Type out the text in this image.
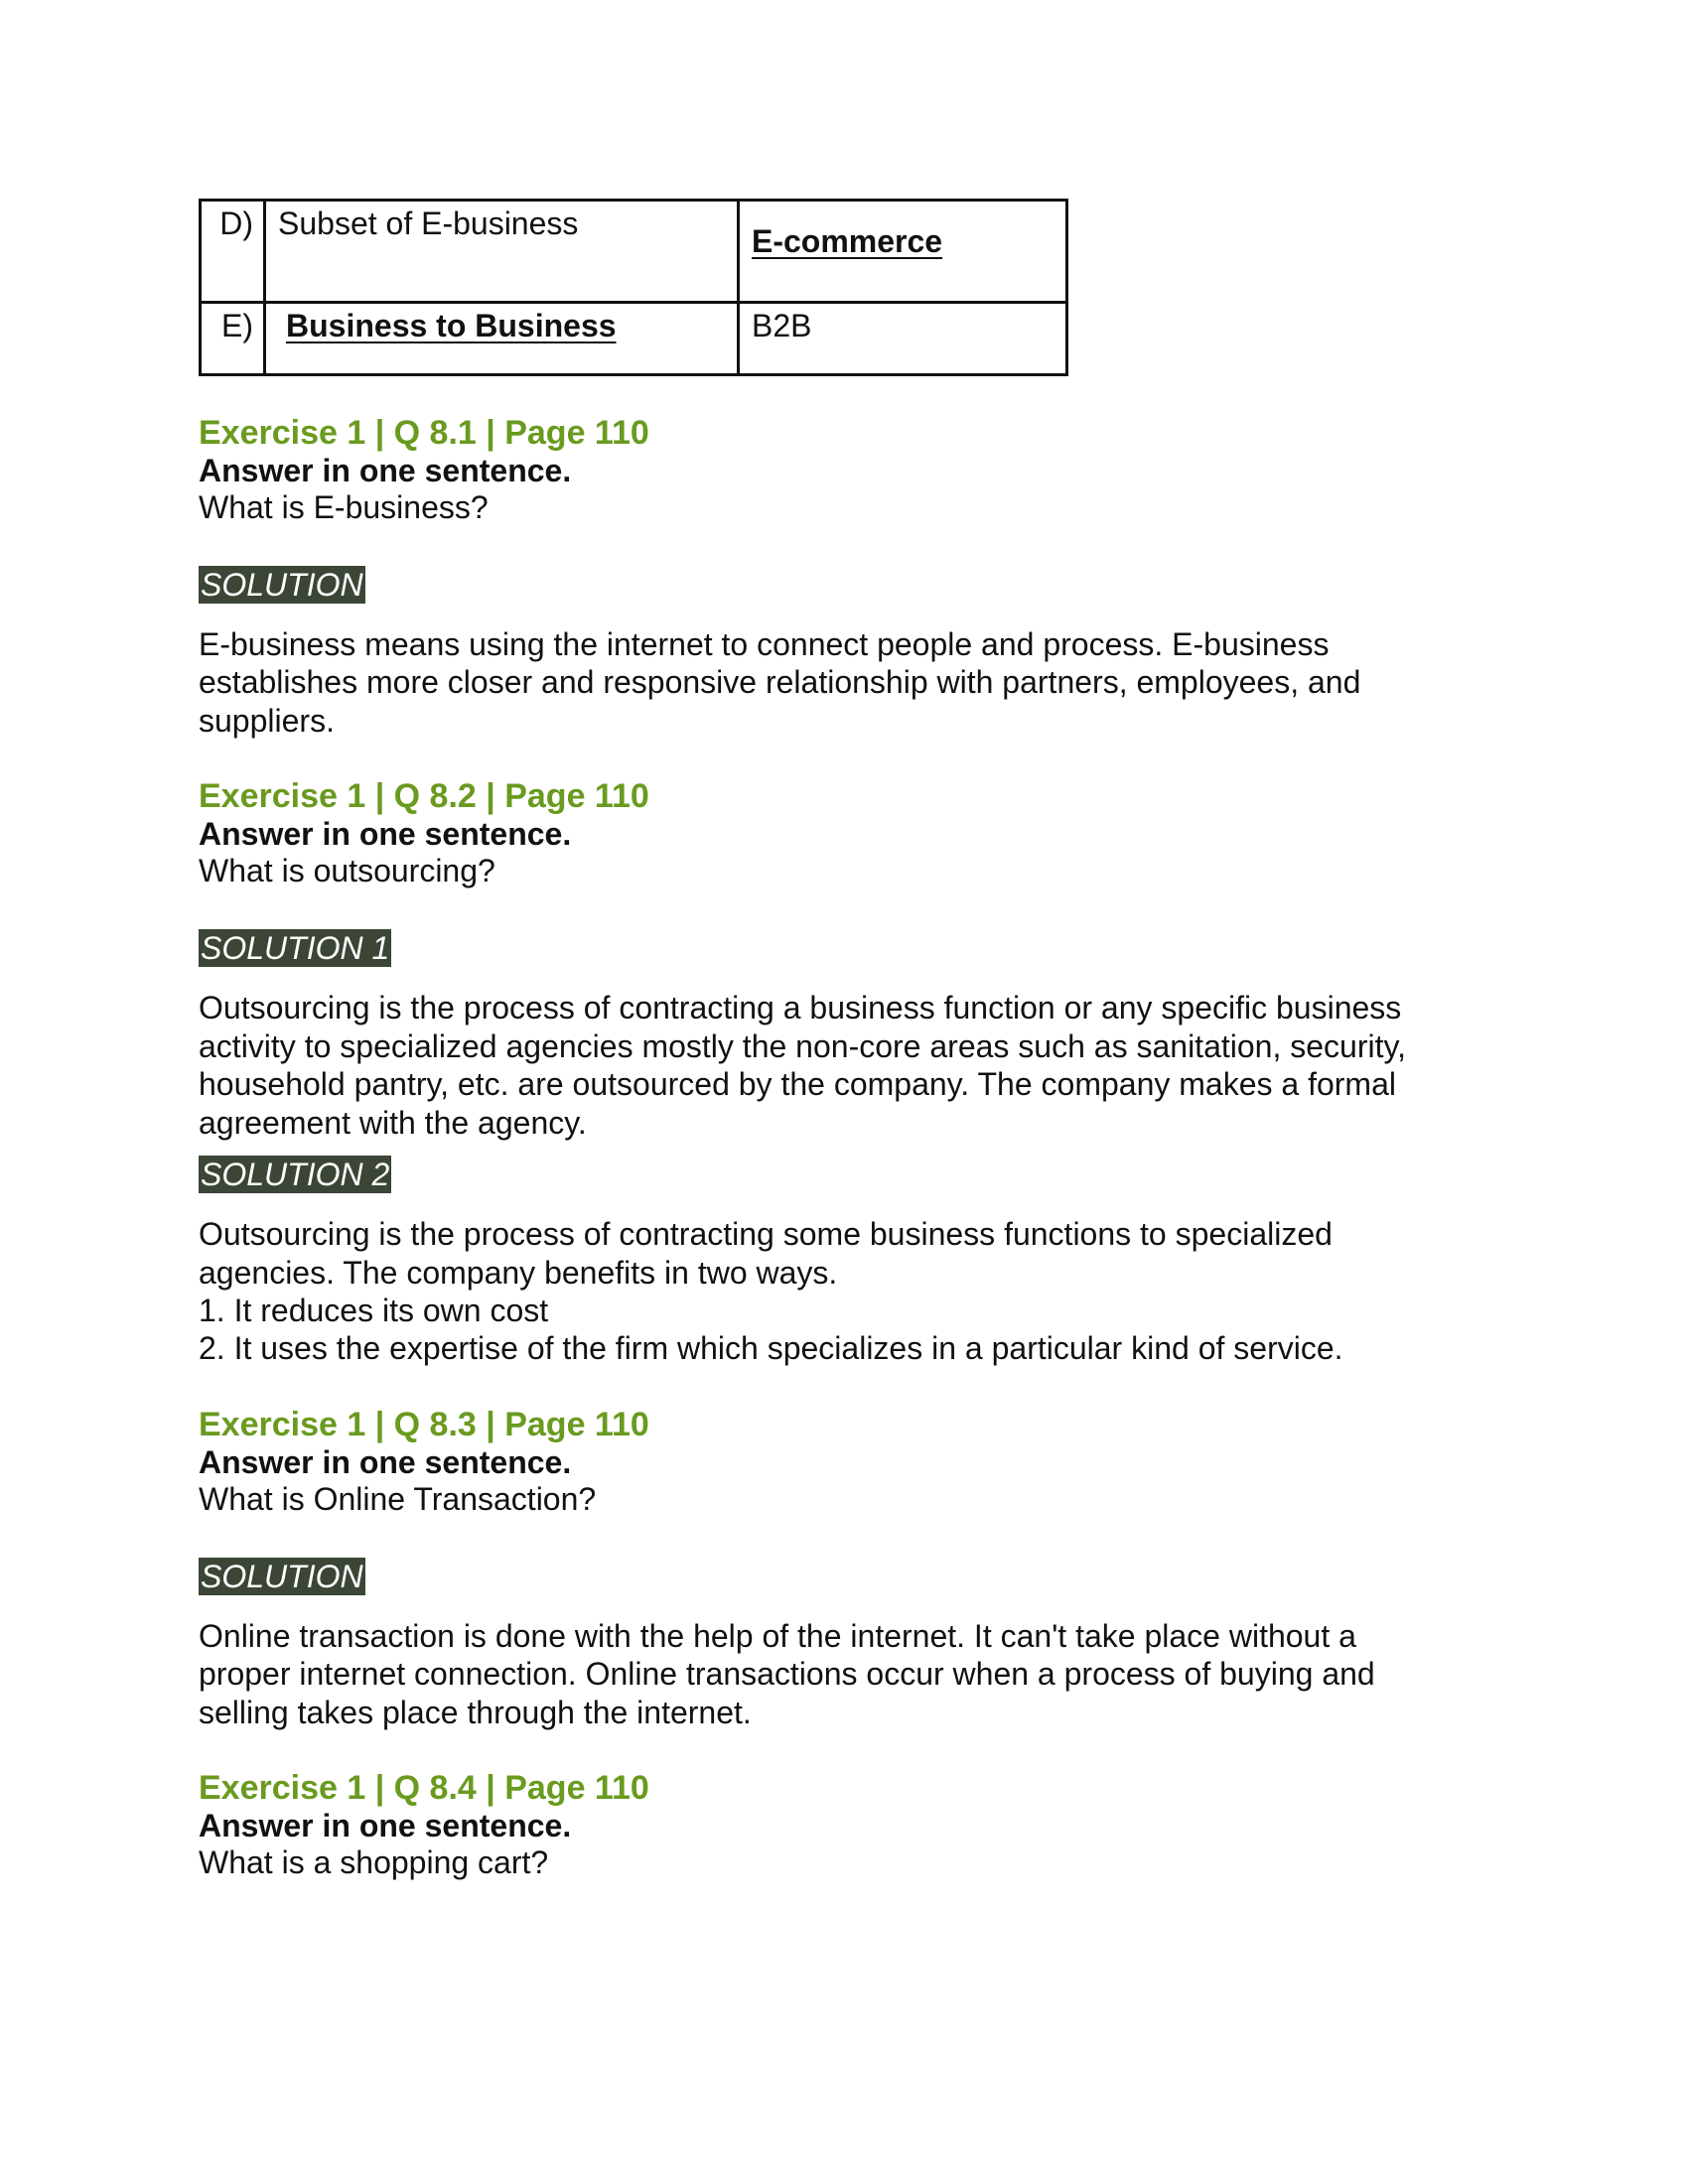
D)	Subset of E-business	E-commerce
E)	Business to Business	B2B
Exercise 1 | Q 8.1 | Page 110
Answer in one sentence.
What is E-business?
SOLUTION

E-business means using the internet to connect people and process. E-business
establishes more closer and responsive relationship with partners, employees, and
suppliers.

Exercise 1 | Q 8.2 | Page 110
Answer in one sentence.
What is outsourcing?
SOLUTION 1

Outsourcing is the process of contracting a business function or any specific business
activity to specialized agencies mostly the non-core areas such as sanitation, security,
household pantry, etc. are outsourced by the company. The company makes a formal
agreement with the agency.

SOLUTION 2

Outsourcing is the process of contracting some business functions to specialized
agencies. The company benefits in two ways.
1. It reduces its own cost
2. It uses the expertise of the firm which specializes in a particular kind of service.

Exercise 1 | Q 8.3 | Page 110
Answer in one sentence.
What is Online Transaction?
SOLUTION

Online transaction is done with the help of the internet. It can't take place without a
proper internet connection. Online transactions occur when a process of buying and
selling takes place through the internet.

Exercise 1 | Q 8.4 | Page 110
Answer in one sentence.
What is a shopping cart?
